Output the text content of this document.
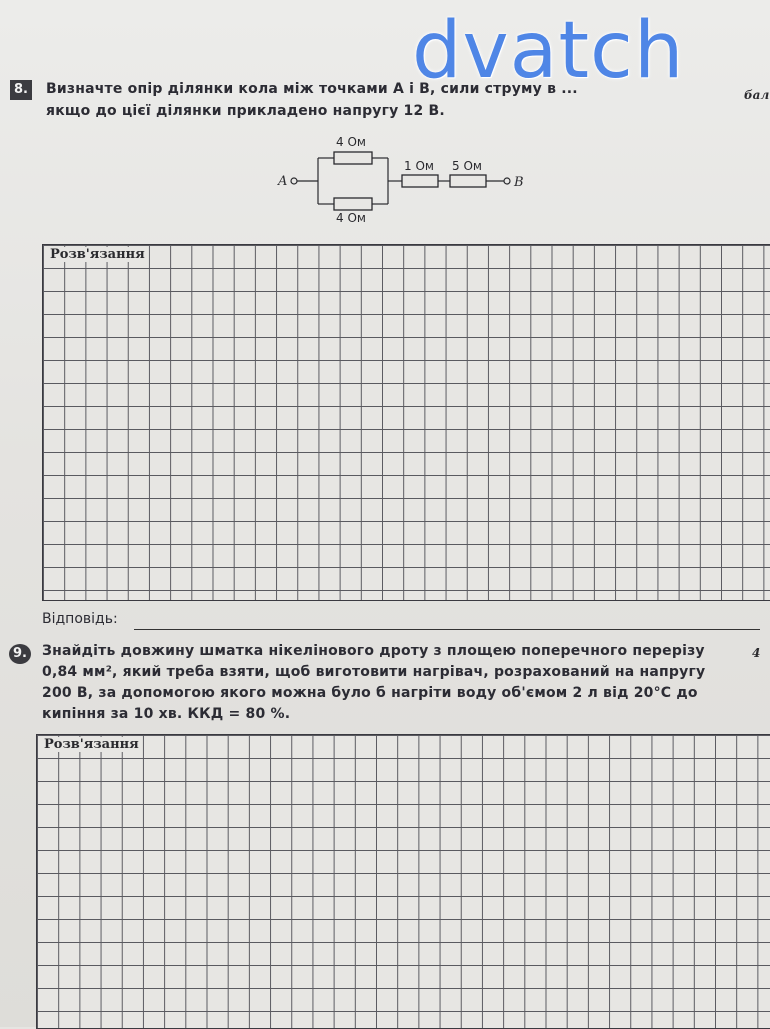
8. Визначте опір ділянки кола між точками A і B, сили струму в ...
якщо до цієї ділянки прикладено напругу 12 В.
бал
A
4 Ом
4 Ом
1 Ом 5 Ом
B
Розв'язання
Відповідь:
9. Знайдіть довжину шматка нікелінового дроту з площею поперечного перерізу
0,84 мм², який треба взяти, щоб виготовити нагрівач, розрахований на напругу
200 В, за допомогою якого можна було б нагріти воду об'ємом 2 л від 20°С до
кипіння за 10 хв. ККД = 80 %.
4
Розв'язання
dvatch
